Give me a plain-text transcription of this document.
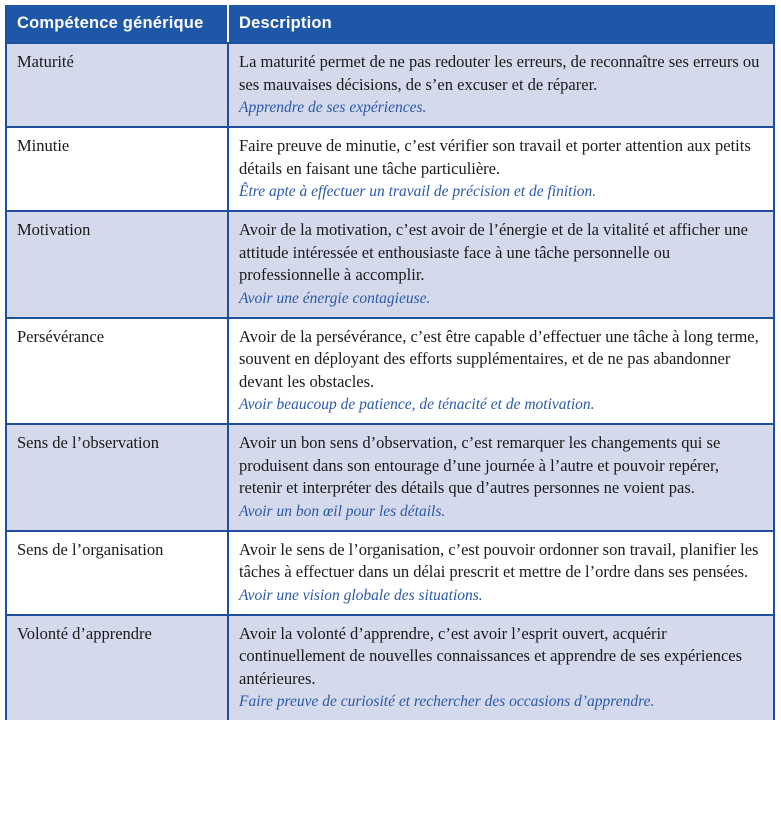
Compétence générique	Description
Maturité	La maturité permet de ne pas redouter les erreurs, de reconnaître ses erreurs ou ses mauvaises décisions, de s’en excuser et de réparer.
Apprendre de ses expériences.

Minutie	Faire preuve de minutie, c’est vérifier son travail et porter attention aux petits détails en faisant une tâche particulière.
Être apte à effectuer un travail de précision et de finition.

Motivation	Avoir de la motivation, c’est avoir de l’énergie et de la vitalité et afficher une attitude intéressée et enthousiaste face à une tâche personnelle ou professionnelle à accomplir.
Avoir une énergie contagieuse.

Persévérance	Avoir de la persévérance, c’est être capable d’effectuer une tâche à long terme, souvent en déployant des efforts supplémentaires, et de ne pas abandonner devant les obstacles.
Avoir beaucoup de patience, de ténacité et de motivation.

Sens de l’observation	Avoir un bon sens d’observation, c’est remarquer les changements qui se produisent dans son entourage d’une journée à l’autre et pouvoir repérer, retenir et interpréter des détails que d’autres personnes ne voient pas.
Avoir un bon œil pour les détails.

Sens de l’organisation	Avoir le sens de l’organisation, c’est pouvoir ordonner son travail, planifier les tâches à effectuer dans un délai prescrit et mettre de l’ordre dans ses pensées.
Avoir une vision globale des situations.

Volonté d’apprendre	Avoir la volonté d’apprendre, c’est avoir l’esprit ouvert, acquérir continuellement de nouvelles connaissances et apprendre de ses expériences antérieures.
Faire preuve de curiosité et rechercher des occasions d’apprendre.
